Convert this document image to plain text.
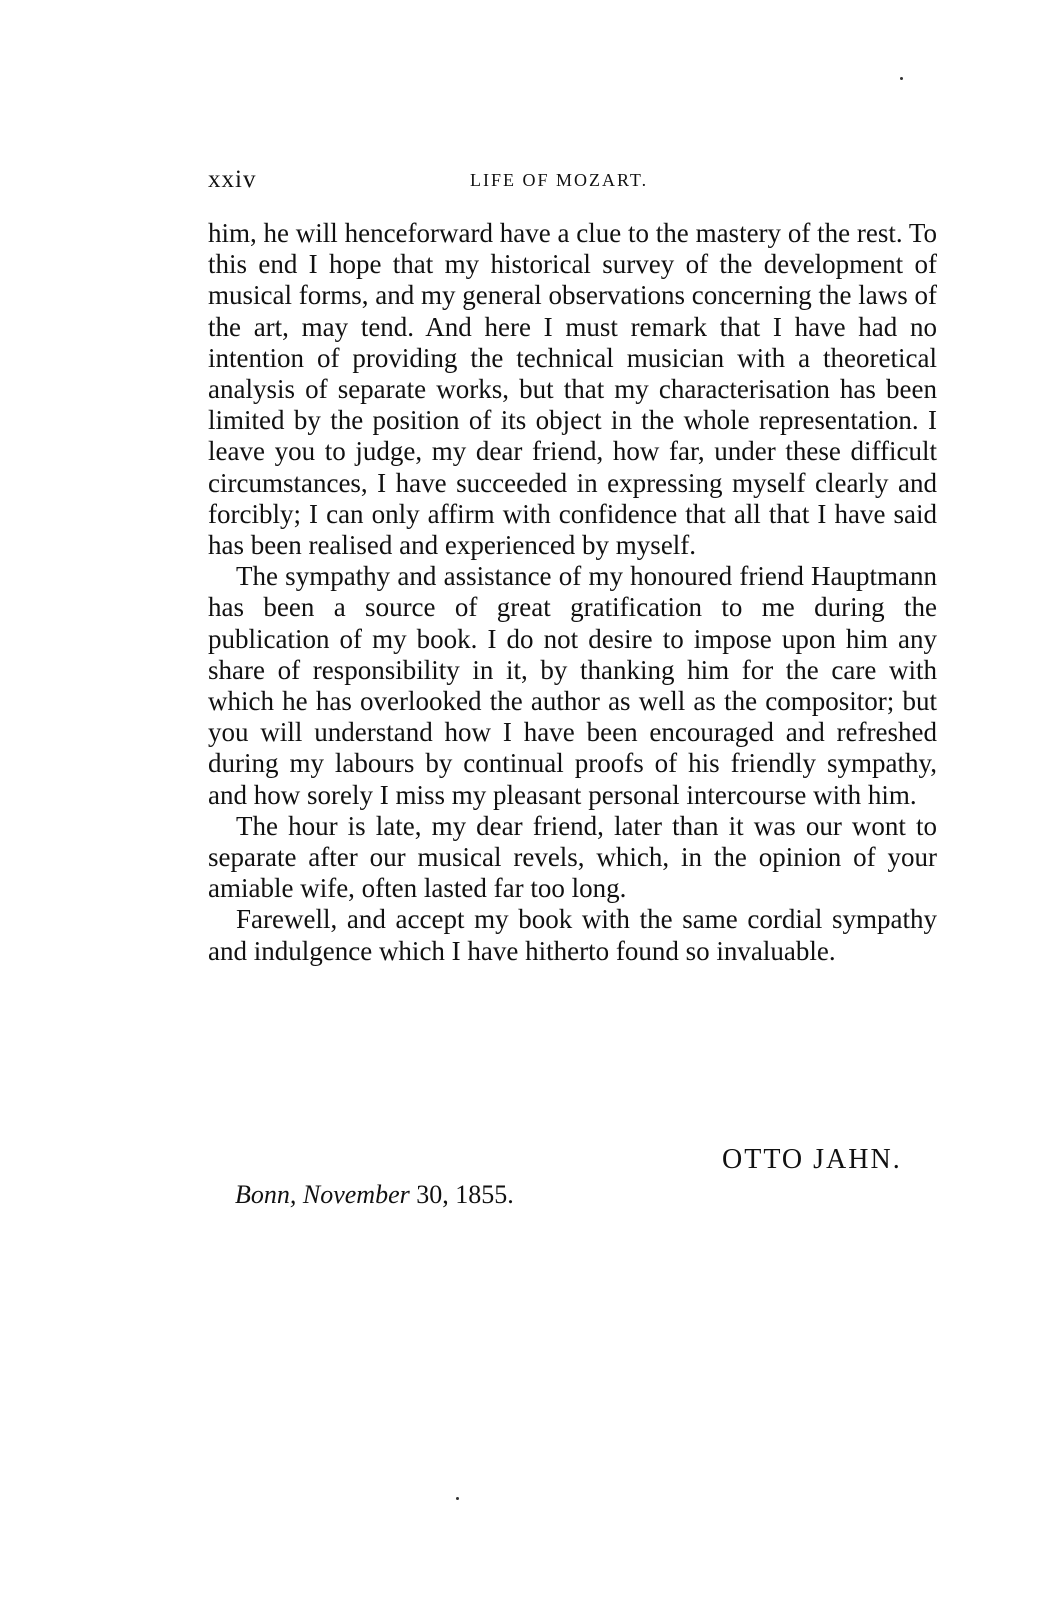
xxiv	LIFE OF MOZART.

him, he will henceforward have a clue to the mastery of the rest. To this end I hope that my historical survey of the development of musical forms, and my general observations concerning the laws of the art, may tend. And here I must remark that I have had no intention of providing the technical musician with a theoretical analysis of separate works, but that my characterisation has been limited by the position of its object in the whole representation. I leave you to judge, my dear friend, how far, under these difficult circumstances, I have succeeded in expressing myself clearly and forcibly; I can only affirm with confidence that all that I have said has been realised and experienced by myself.

The sympathy and assistance of my honoured friend Hauptmann has been a source of great gratification to me during the publication of my book. I do not desire to impose upon him any share of responsibility in it, by thanking him for the care with which he has overlooked the author as well as the compositor; but you will understand how I have been encouraged and refreshed during my labours by continual proofs of his friendly sympathy, and how sorely I miss my pleasant personal intercourse with him.

The hour is late, my dear friend, later than it was our wont to separate after our musical revels, which, in the opinion of your amiable wife, often lasted far too long.

Farewell, and accept my book with the same cordial sympathy and indulgence which I have hitherto found so invaluable.

OTTO JAHN.
Bonn, November 30, 1855.
